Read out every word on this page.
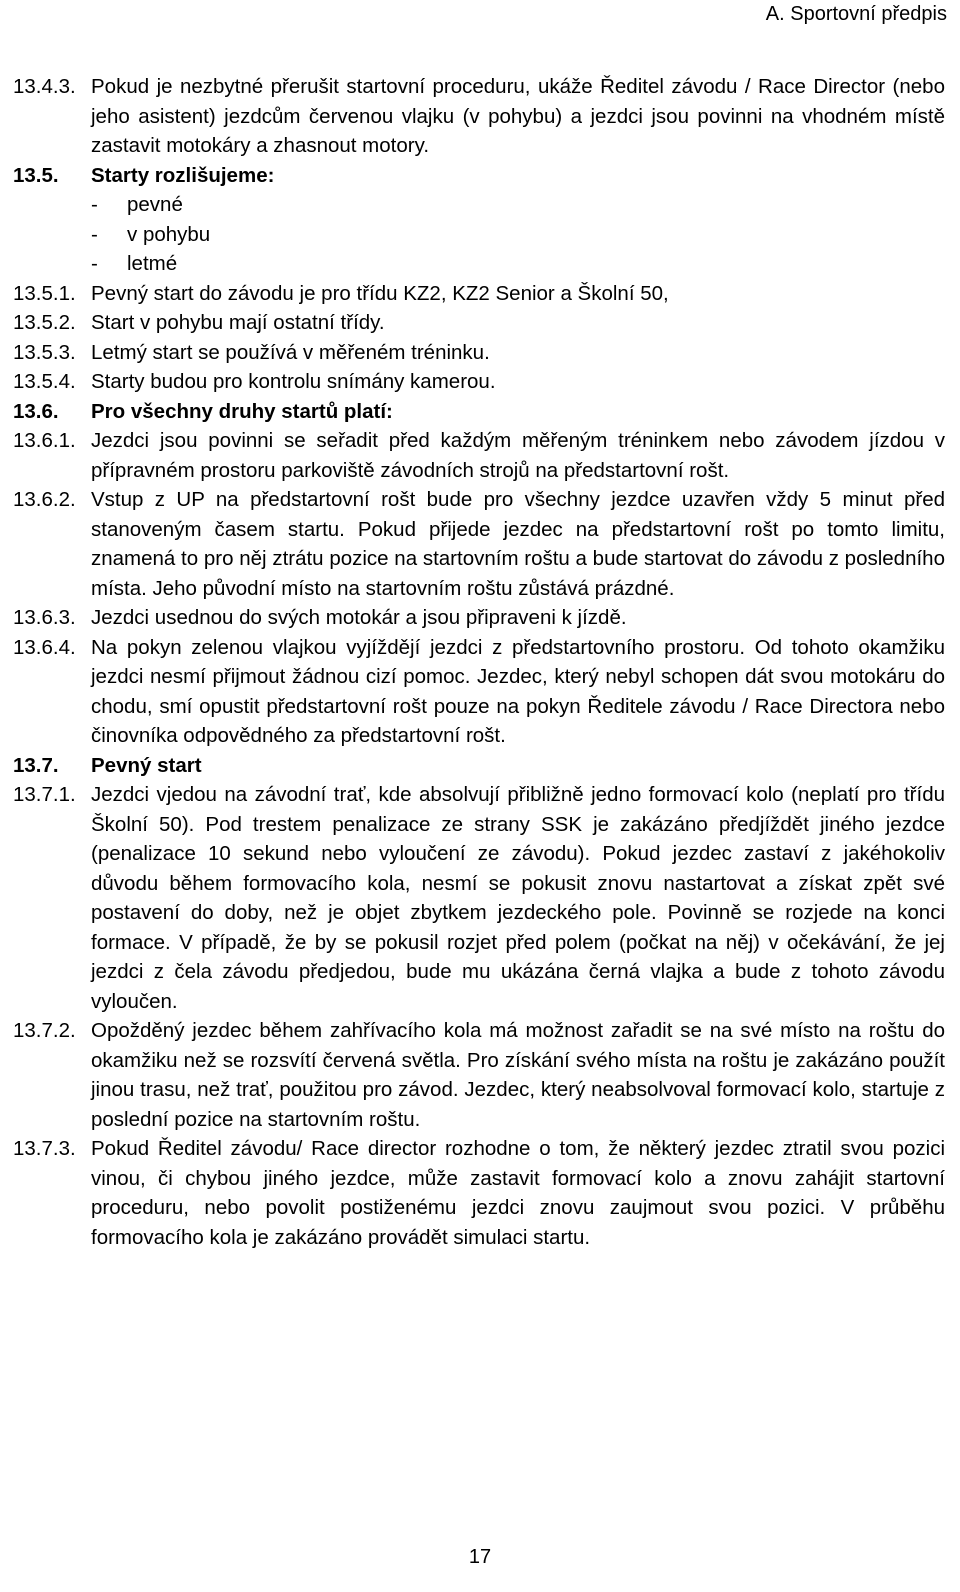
A. Sportovní předpis
13.4.3. Pokud je nezbytné přerušit startovní proceduru, ukáže Ředitel závodu / Race Director (nebo jeho asistent) jezdcům červenou vlajku (v pohybu) a jezdci jsou povinni na vhodném místě zastavit motokáry a zhasnout motory.
13.5.	Starty rozlišujeme:
- pevné
- v pohybu
- letmé
13.5.1. Pevný start do závodu je pro třídu KZ2, KZ2 Senior a Školní 50,
13.5.2. Start v pohybu mají ostatní třídy.
13.5.3. Letmý start se používá v měřeném tréninku.
13.5.4. Starty budou pro kontrolu snímány kamerou.
13.6.	Pro všechny druhy startů platí:
13.6.1. Jezdci jsou povinni se seřadit před každým měřeným tréninkem nebo závodem jízdou v přípravném prostoru parkoviště závodních strojů na předstartovní rošt.
13.6.2. Vstup z UP na předstartovní rošt bude pro všechny jezdce uzavřen vždy 5 minut před stanoveným časem startu. Pokud přijede jezdec na předstartovní rošt po tomto limitu, znamená to pro něj ztrátu pozice na startovním roštu a bude startovat do závodu z posledního místa. Jeho původní místo na startovním roštu zůstává prázdné.
13.6.3. Jezdci usednou do svých motokár a jsou připraveni k jízdě.
13.6.4. Na pokyn zelenou vlajkou vyjíždějí jezdci z předstartovního prostoru. Od tohoto okamžiku jezdci nesmí přijmout žádnou cizí pomoc. Jezdec, který nebyl schopen dát svou motokáru do chodu, smí opustit předstartovní rošt pouze na pokyn Ředitele závodu / Race Directora nebo činovníka odpovědného za předstartovní rošt.
13.7.	Pevný start
13.7.1. Jezdci vjedou na závodní trať, kde absolvují přibližně jedno formovací kolo (neplatí pro třídu Školní 50). Pod trestem penalizace ze strany SSK je zakázáno předjíždět jiného jezdce (penalizace 10 sekund nebo vyloučení ze závodu). Pokud jezdec zastaví z jakéhokoliv důvodu během formovacího kola, nesmí se pokusit znovu nastartovat a získat zpět své postavení do doby, než je objet zbytkem jezdeckého pole. Povinně se rozjede na konci formace. V případě, že by se pokusil rozjet před polem (počkat na něj) v očekávání, že jej jezdci z čela závodu předjedou, bude mu ukázána černá vlajka a bude z tohoto závodu vyloučen.
13.7.2. Opožděný jezdec během zahřívacího kola má možnost zařadit se na své místo na roštu do okamžiku než se rozsvítí červená světla. Pro získání svého místa na roštu je zakázáno použít jinou trasu, než trať, použitou pro závod. Jezdec, který neabsolvoval formovací kolo, startuje z poslední pozice na startovním roštu.
13.7.3. Pokud Ředitel závodu/ Race director rozhodne o tom, že některý jezdec ztratil svou pozici vinou, či chybou jiného jezdce, může zastavit formovací kolo a znovu zahájit startovní proceduru, nebo povolit postiženému jezdci znovu zaujmout svou pozici. V průběhu formovacího kola je zakázáno provádět simulaci startu.
17
